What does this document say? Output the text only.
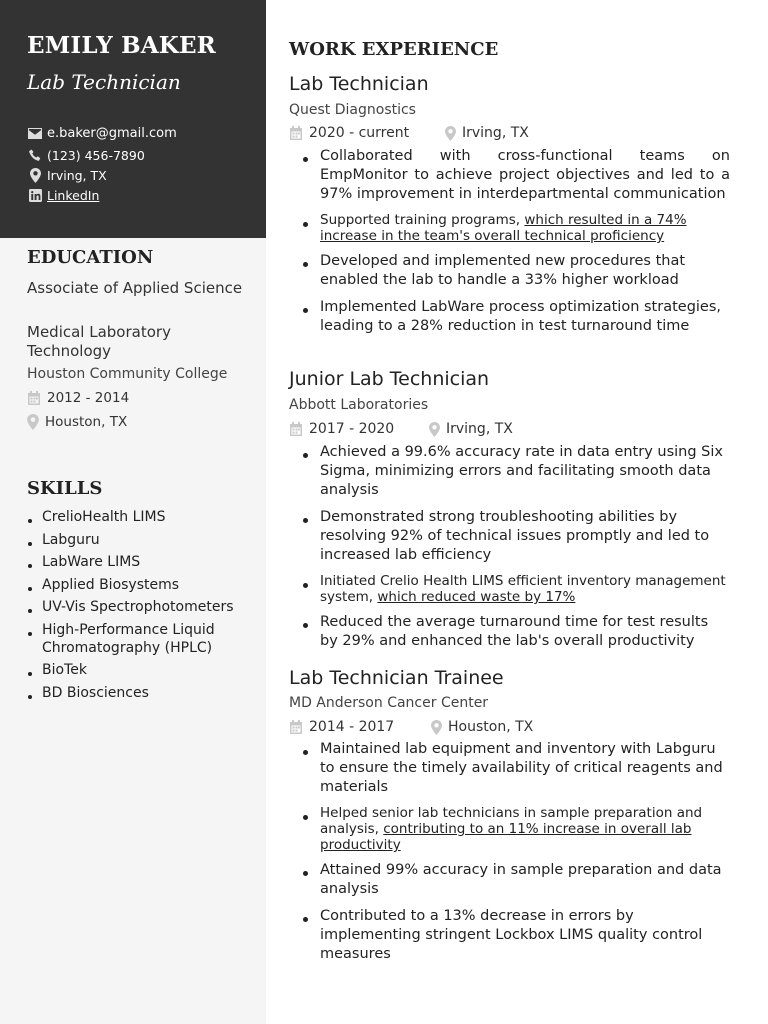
EMILY BAKER
Lab Technician
e.baker@gmail.com
(123) 456-7890
Irving, TX
LinkedIn
EDUCATION
Associate of Applied Science
Medical Laboratory Technology
Houston Community College
2012 - 2014
Houston, TX
SKILLS
CrelioHealth LIMS
Labguru
LabWare LIMS
Applied Biosystems
UV-Vis Spectrophotometers
High-Performance Liquid Chromatography (HPLC)
BioTek
BD Biosciences
WORK EXPERIENCE
Lab Technician
Quest Diagnostics
2020 - current	Irving, TX
Collaborated with cross-functional teams on EmpMonitor to achieve project objectives and led to a 97% improvement in interdepartmental communication
Supported training programs, which resulted in a 74% increase in the team's overall technical proficiency
Developed and implemented new procedures that enabled the lab to handle a 33% higher workload
Implemented LabWare process optimization strategies, leading to a 28% reduction in test turnaround time
Junior Lab Technician
Abbott Laboratories
2017 - 2020	Irving, TX
Achieved a 99.6% accuracy rate in data entry using Six Sigma, minimizing errors and facilitating smooth data analysis
Demonstrated strong troubleshooting abilities by resolving 92% of technical issues promptly and led to increased lab efficiency
Initiated Crelio Health LIMS efficient inventory management system, which reduced waste by 17%
Reduced the average turnaround time for test results by 29% and enhanced the lab's overall productivity
Lab Technician Trainee
MD Anderson Cancer Center
2014 - 2017	Houston, TX
Maintained lab equipment and inventory with Labguru to ensure the timely availability of critical reagents and materials
Helped senior lab technicians in sample preparation and analysis, contributing to an 11% increase in overall lab productivity
Attained 99% accuracy in sample preparation and data analysis
Contributed to a 13% decrease in errors by implementing stringent Lockbox LIMS quality control measures
